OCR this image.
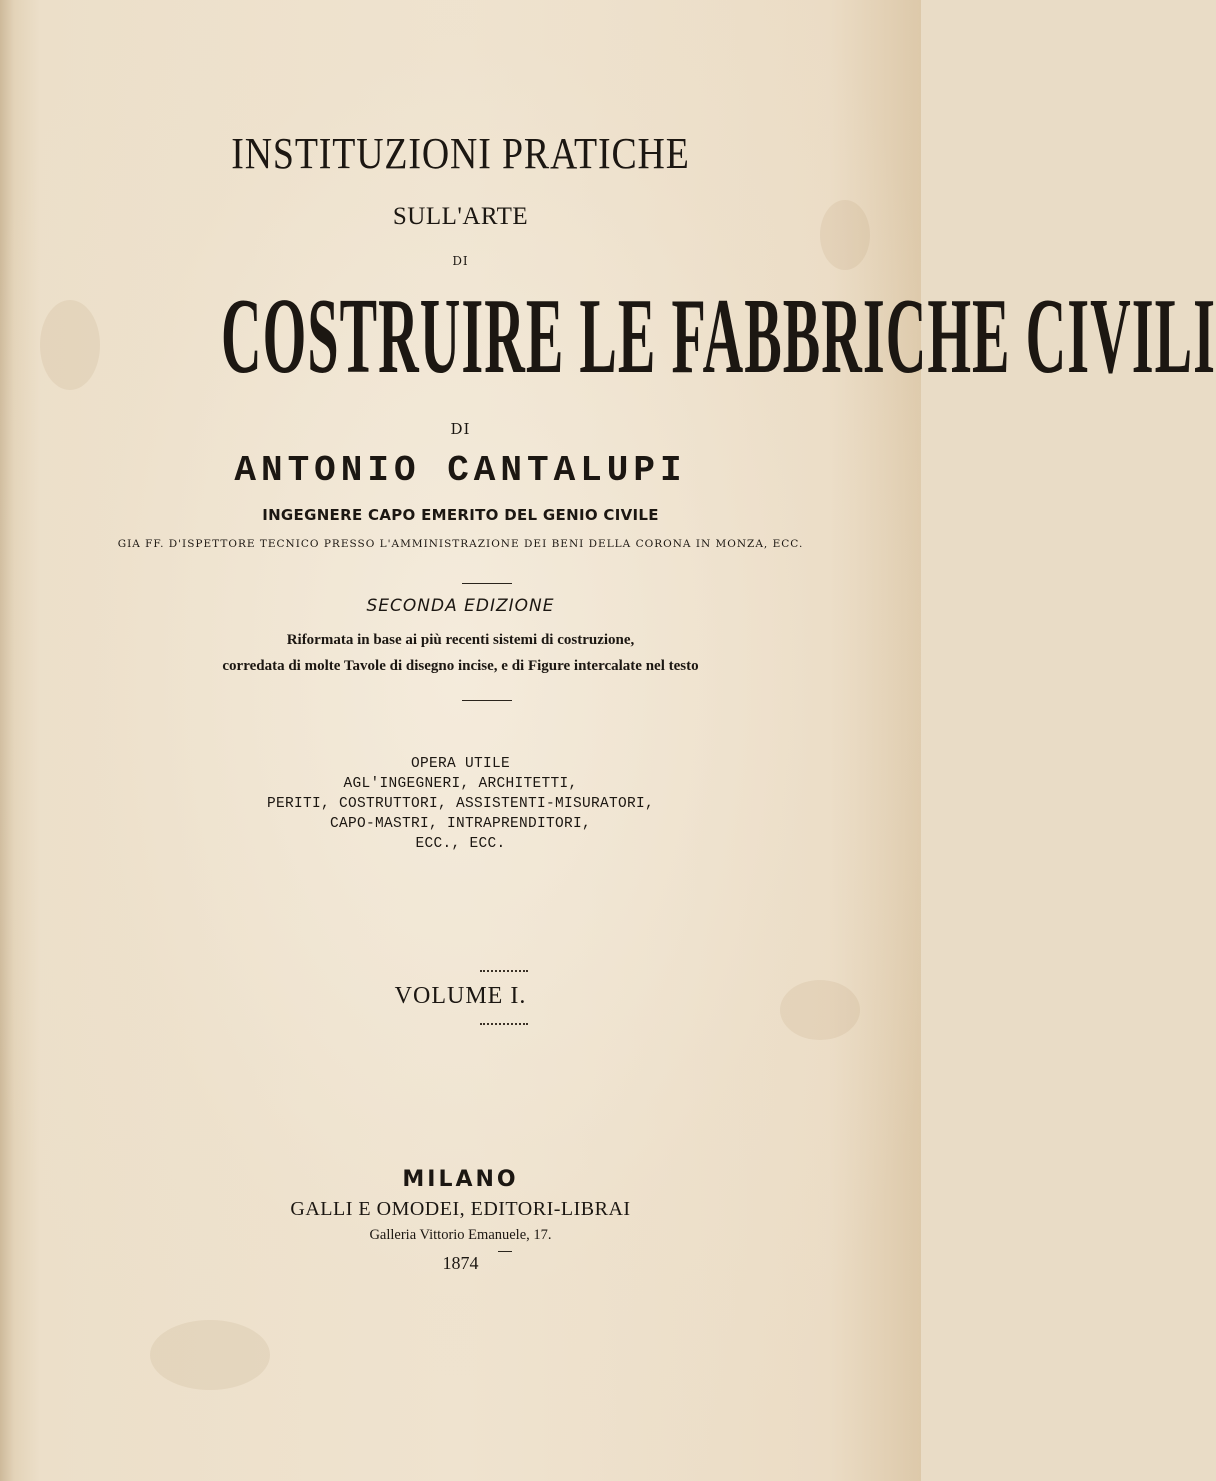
INSTITUZIONI PRATICHE

SULL'ARTE

DI

COSTRUIRE LE FABBRICHE CIVILI

DI

ANTONIO CANTALUPI

INGEGNERE CAPO EMERITO DEL GENIO CIVILE

GIA FF. D'ISPETTORE TECNICO PRESSO L'AMMINISTRAZIONE DEI BENI DELLA CORONA IN MONZA, ECC.

SECONDA EDIZIONE

Riformata in base ai più recenti sistemi di costruzione,

corredata di molte Tavole di disegno incise, e di Figure intercalate nel testo

OPERA UTILE

AGL'INGEGNERI, ARCHITETTI,

PERITI, COSTRUTTORI, ASSISTENTI-MISURATORI,

CAPO-MASTRI, INTRAPRENDITORI,

ECC., ECC.

VOLUME I.

MILANO

GALLI E OMODEI, EDITORI-LIBRAI

Galleria Vittorio Emanuele, 17.

1874
